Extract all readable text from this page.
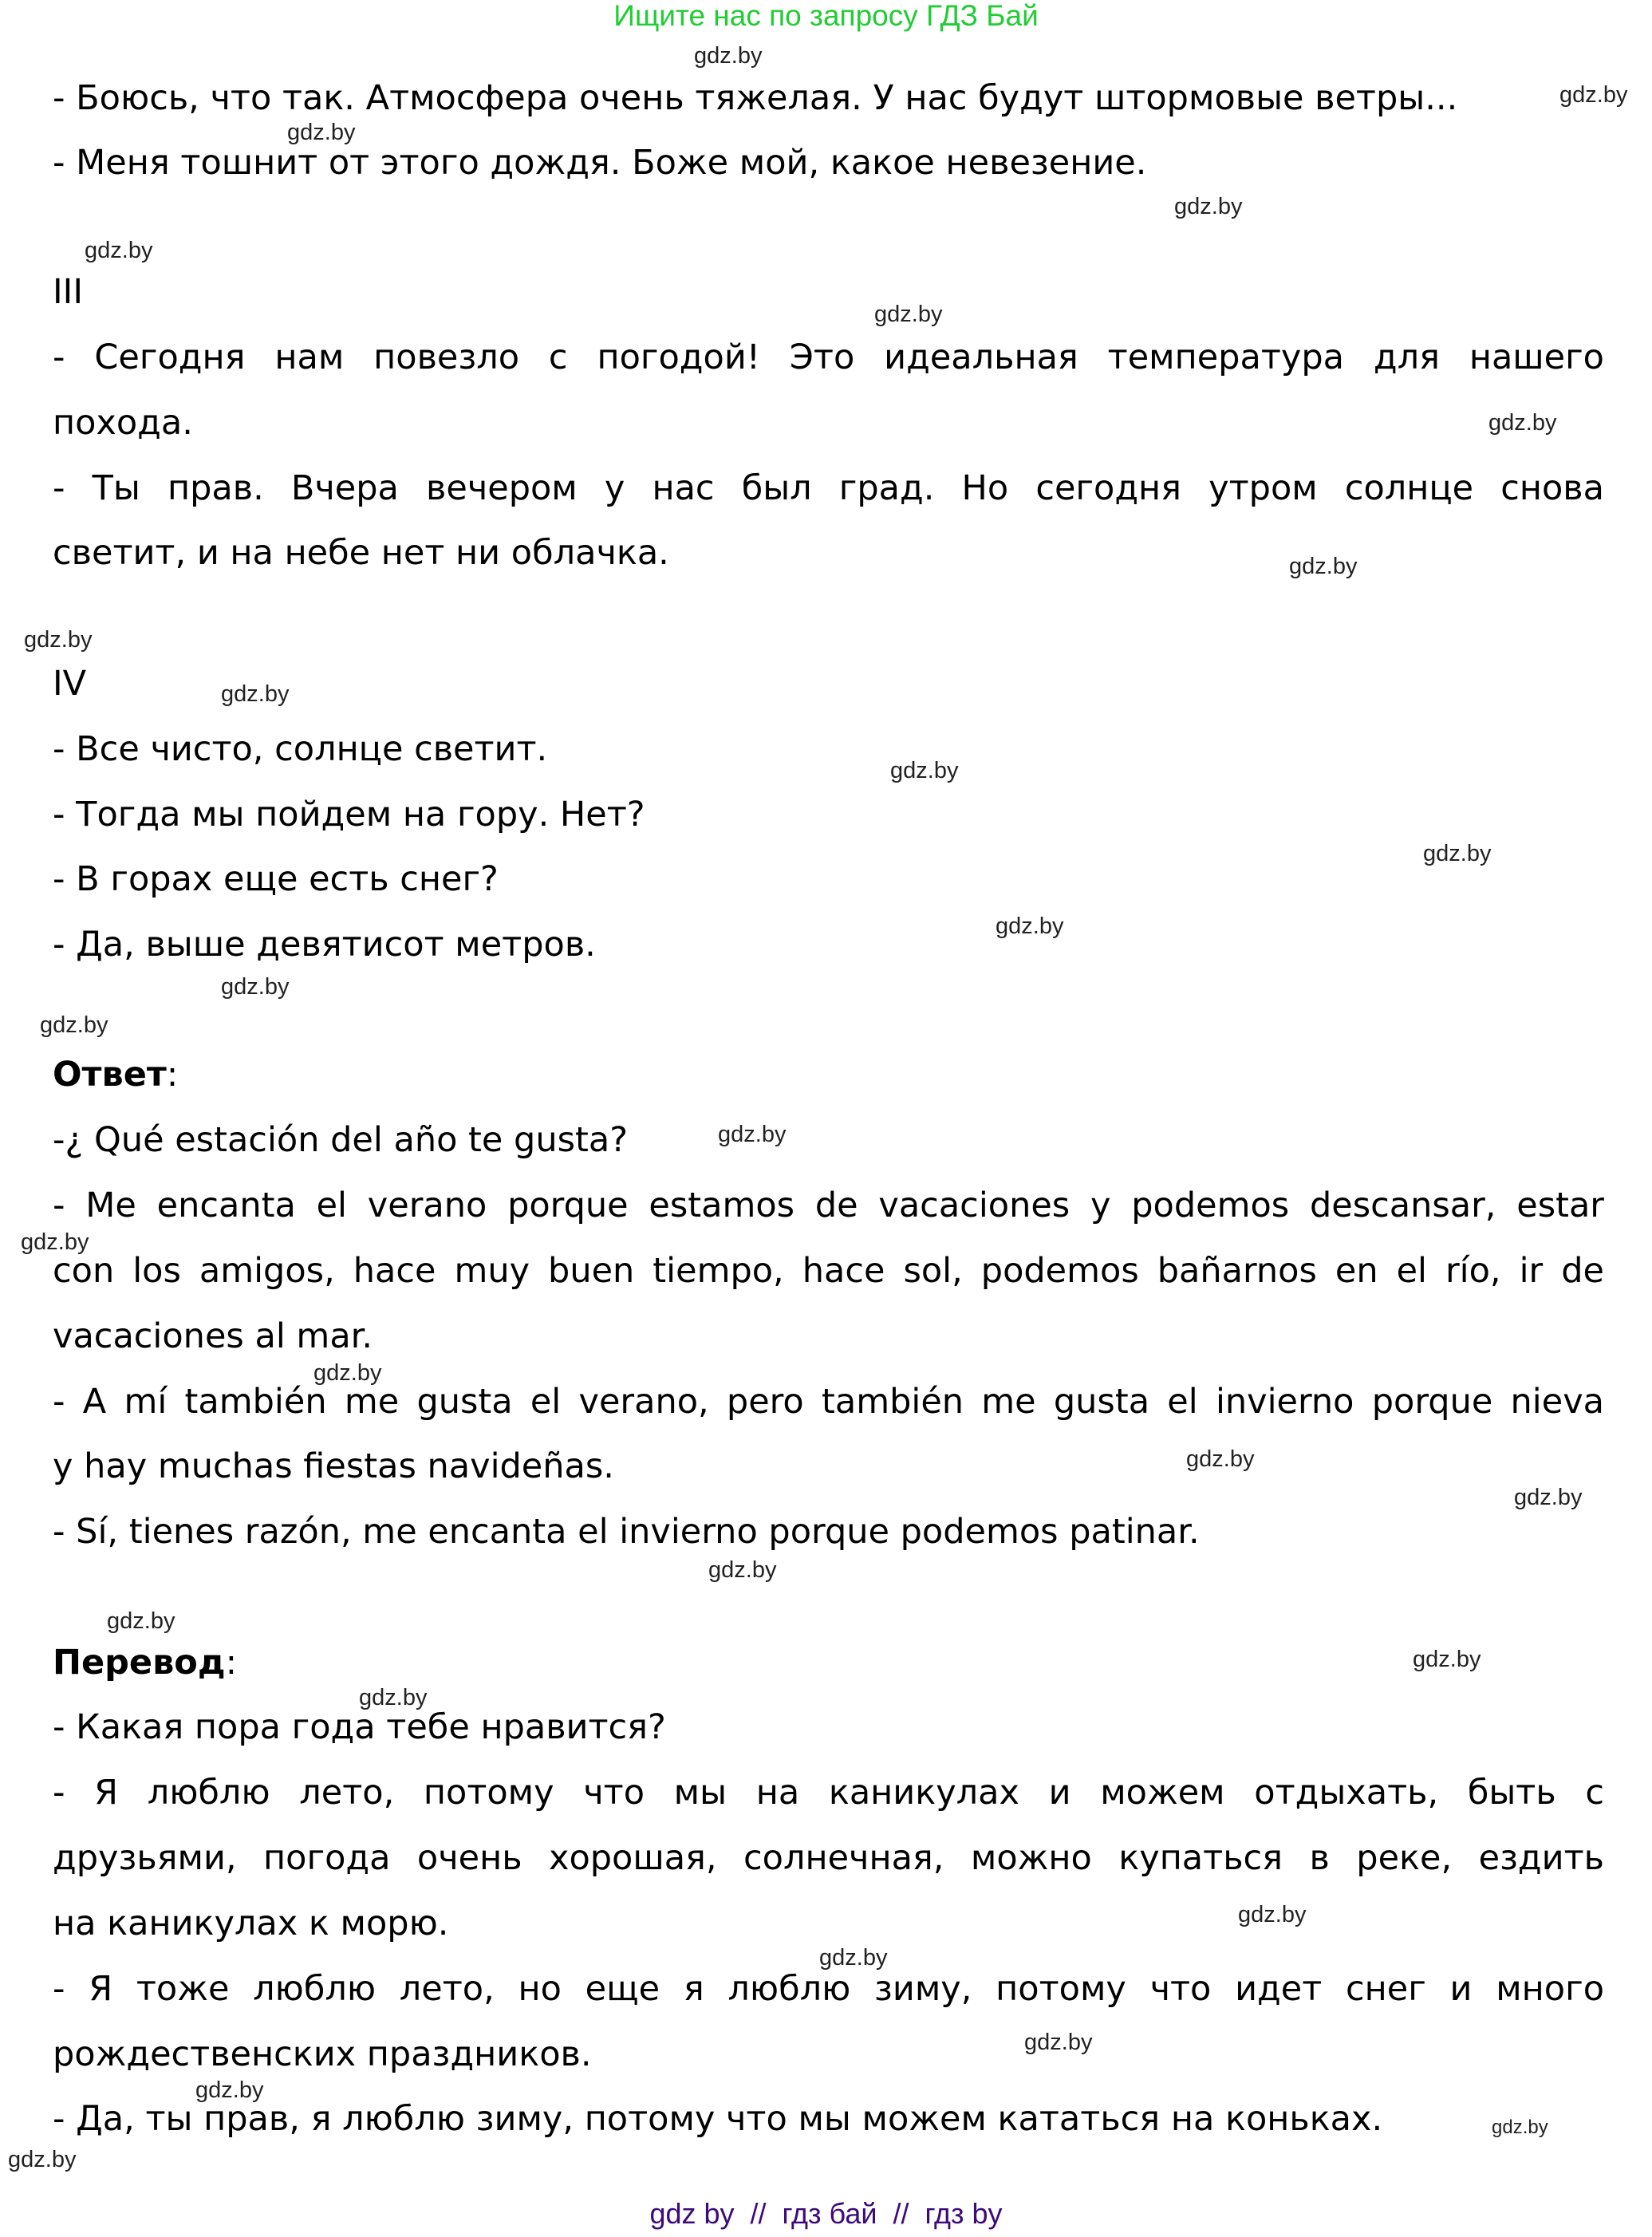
Ищите нас по запросу ГДЗ Бай
- Боюсь, что так. Атмосфера очень тяжелая. У нас будут штормовые ветры...
- Меня тошнит от этого дождя. Боже мой, какое невезение.
III
- Сегодня нам повезло с погодой! Это идеальная температура для нашего
похода.
- Ты прав. Вчера вечером у нас был град. Но сегодня утром солнце снова
светит, и на небе нет ни облачка.
IV
- Все чисто, солнце светит.
- Тогда мы пойдем на гору. Нет?
- В горах еще есть снег?
- Да, выше девятисот метров.
Ответ:
-¿ Qué estación del año te gusta?
- Me encanta el verano porque estamos de vacaciones y podemos descansar, estar
con los amigos, hace muy buen tiempo, hace sol, podemos bañarnos en el río, ir de
vacaciones al mar.
- A mí también me gusta el verano, pero también me gusta el invierno porque nieva
y hay muchas fiestas navideñas.
- Sí, tienes razón, me encanta el invierno porque podemos patinar.
Перевод:
- Какая пора года тебе нравится?
- Я люблю лето, потому что мы на каникулах и можем отдыхать, быть с
друзьями, погода очень хорошая, солнечная, можно купаться в реке, ездить
на каникулах к морю.
- Я тоже люблю лето, но еще я люблю зиму, потому что идет снег и много
рождественских праздников.
- Да, ты прав, я люблю зиму, потому что мы можем кататься на коньках.
gdz.by
gdz.by
gdz.by
gdz.by
gdz.by
gdz.by
gdz.by
gdz.by
gdz.by
gdz.by
gdz.by
gdz.by
gdz.by
gdz.by
gdz.by
gdz.by
gdz.by
gdz.by
gdz.by
gdz.by
gdz.by
gdz.by
gdz.by
gdz.by
gdz.by
gdz.by
gdz.by
gdz.by
gdz.by
gdz.by
gdz by  //  гдз бай  //  гдз by
